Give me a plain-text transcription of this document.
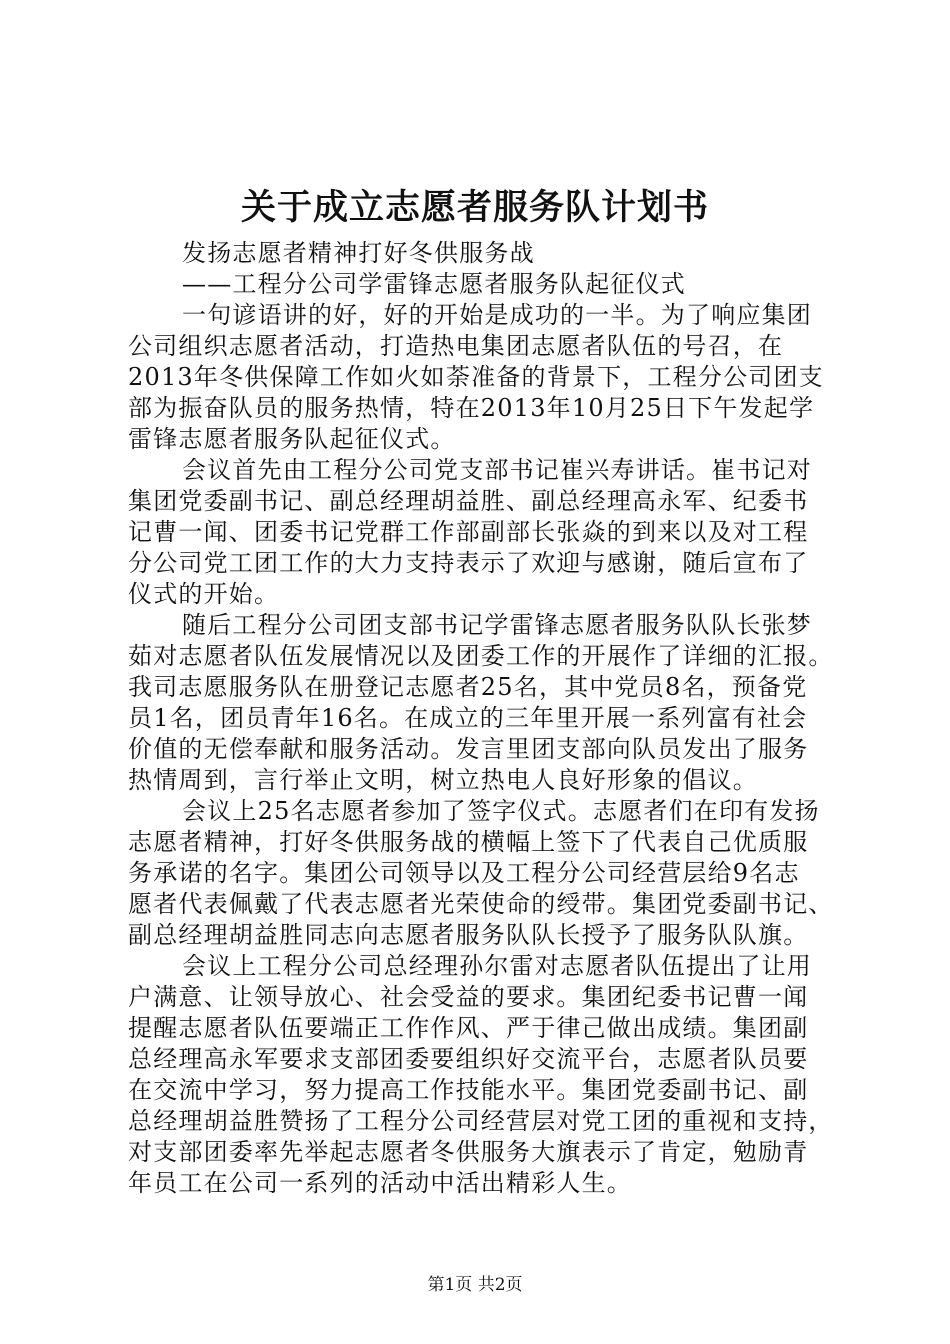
关于成立志愿者服务队计划书

发扬志愿者精神打好冬供服务战

——工程分公司学雷锋志愿者服务队起征仪式

一句谚语讲的好，好的开始是成功的一半。为了响应集团

公司组织志愿者活动，打造热电集团志愿者队伍的号召，在

2013年冬供保障工作如火如荼准备的背景下，工程分公司团支

部为振奋队员的服务热情，特在2013年10月25日下午发起学

雷锋志愿者服务队起征仪式。

会议首先由工程分公司党支部书记崔兴寿讲话。崔书记对

集团党委副书记、副总经理胡益胜、副总经理高永军、纪委书

记曹一闻、团委书记党群工作部副部长张焱的到来以及对工程

分公司党工团工作的大力支持表示了欢迎与感谢，随后宣布了

仪式的开始。

随后工程分公司团支部书记学雷锋志愿者服务队队长张梦

茹对志愿者队伍发展情况以及团委工作的开展作了详细的汇报。

我司志愿服务队在册登记志愿者25名，其中党员8名，预备党

员1名，团员青年16名。在成立的三年里开展一系列富有社会

价值的无偿奉献和服务活动。发言里团支部向队员发出了服务

热情周到，言行举止文明，树立热电人良好形象的倡议。

会议上25名志愿者参加了签字仪式。志愿者们在印有发扬

志愿者精神，打好冬供服务战的横幅上签下了代表自己优质服

务承诺的名字。集团公司领导以及工程分公司经营层给9名志

愿者代表佩戴了代表志愿者光荣使命的绶带。集团党委副书记、

副总经理胡益胜同志向志愿者服务队队长授予了服务队队旗。

会议上工程分公司总经理孙尔雷对志愿者队伍提出了让用

户满意、让领导放心、社会受益的要求。集团纪委书记曹一闻

提醒志愿者队伍要端正工作作风、严于律己做出成绩。集团副

总经理高永军要求支部团委要组织好交流平台，志愿者队员要

在交流中学习，努力提高工作技能水平。集团党委副书记、副

总经理胡益胜赞扬了工程分公司经营层对党工团的重视和支持，

对支部团委率先举起志愿者冬供服务大旗表示了肯定，勉励青

年员工在公司一系列的活动中活出精彩人生。

第1页 共2页
